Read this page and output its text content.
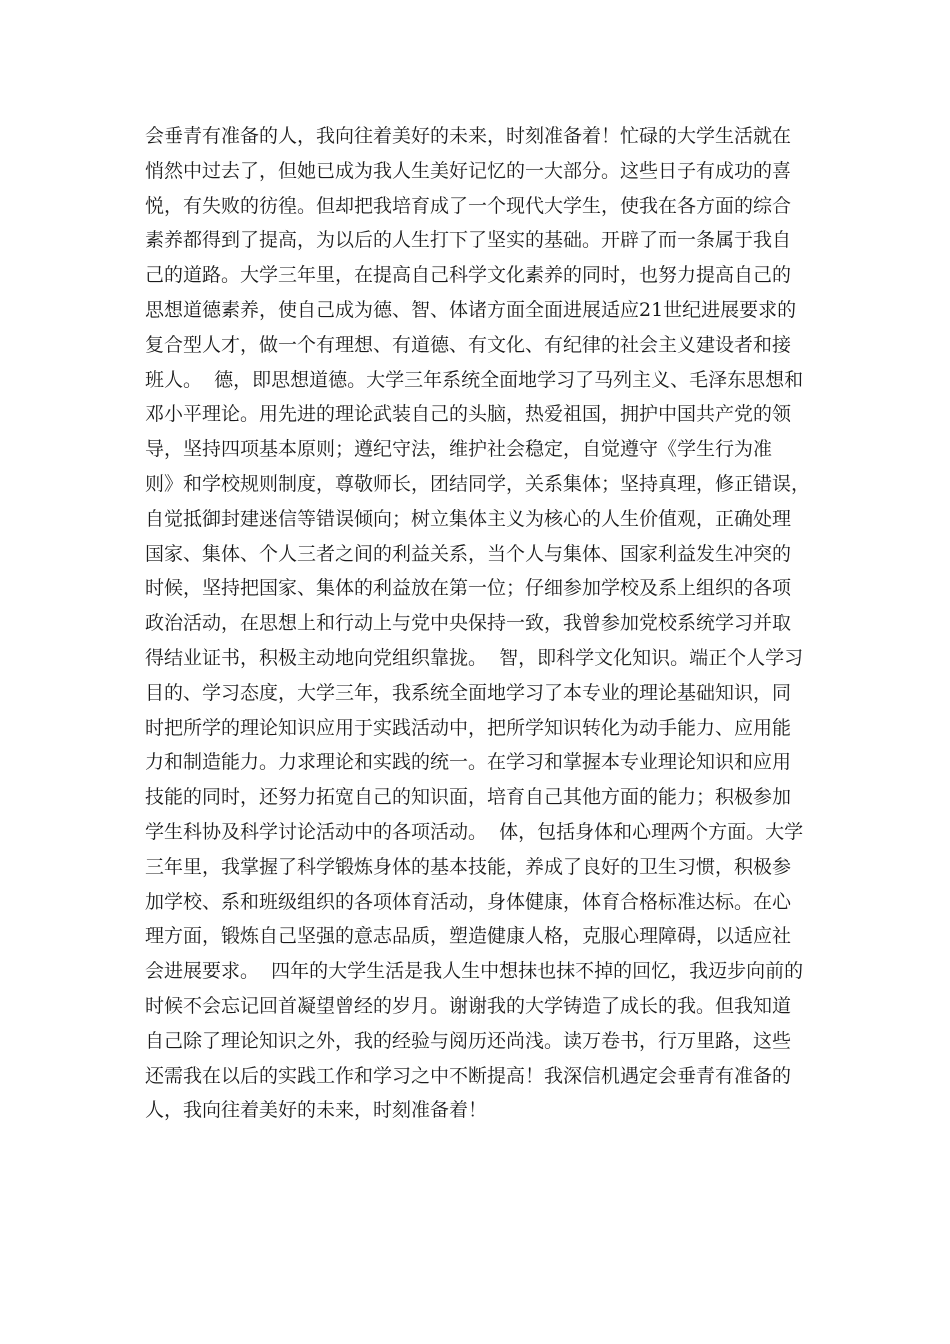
会垂青有准备的人，我向往着美好的未来，时刻准备着！忙碌的大学生活就在
悄然中过去了，但她已成为我人生美好记忆的一大部分。这些日子有成功的喜
悦，有失败的彷徨。但却把我培育成了一个现代大学生，使我在各方面的综合
素养都得到了提高，为以后的人生打下了坚实的基础。开辟了而一条属于我自
己的道路。大学三年里，在提高自己科学文化素养的同时，也努力提高自己的
思想道德素养，使自己成为德、智、体诸方面全面进展适应21世纪进展要求的
复合型人才，做一个有理想、有道德、有文化、有纪律的社会主义建设者和接
班人。  德，即思想道德。大学三年系统全面地学习了马列主义、毛泽东思想和
邓小平理论。用先进的理论武装自己的头脑，热爱祖国，拥护中国共产党的领
导，坚持四项基本原则；遵纪守法，维护社会稳定，自觉遵守《学生行为准
则》和学校规则制度，尊敬师长，团结同学，关系集体；坚持真理，修正错误，
自觉抵御封建迷信等错误倾向；树立集体主义为核心的人生价值观，正确处理
国家、集体、个人三者之间的利益关系，当个人与集体、国家利益发生冲突的
时候，坚持把国家、集体的利益放在第一位；仔细参加学校及系上组织的各项
政治活动，在思想上和行动上与党中央保持一致，我曾参加党校系统学习并取
得结业证书，积极主动地向党组织靠拢。  智，即科学文化知识。端正个人学习
目的、学习态度，大学三年，我系统全面地学习了本专业的理论基础知识，同
时把所学的理论知识应用于实践活动中，把所学知识转化为动手能力、应用能
力和制造能力。力求理论和实践的统一。在学习和掌握本专业理论知识和应用
技能的同时，还努力拓宽自己的知识面，培育自己其他方面的能力；积极参加
学生科协及科学讨论活动中的各项活动。  体，包括身体和心理两个方面。大学
三年里，我掌握了科学锻炼身体的基本技能，养成了良好的卫生习惯，积极参
加学校、系和班级组织的各项体育活动，身体健康，体育合格标准达标。在心
理方面，锻炼自己坚强的意志品质，塑造健康人格，克服心理障碍，以适应社
会进展要求。  四年的大学生活是我人生中想抹也抹不掉的回忆，我迈步向前的
时候不会忘记回首凝望曾经的岁月。谢谢我的大学铸造了成长的我。但我知道
自己除了理论知识之外，我的经验与阅历还尚浅。读万卷书，行万里路，这些
还需我在以后的实践工作和学习之中不断提高！我深信机遇定会垂青有准备的
人，我向往着美好的未来，时刻准备着！
